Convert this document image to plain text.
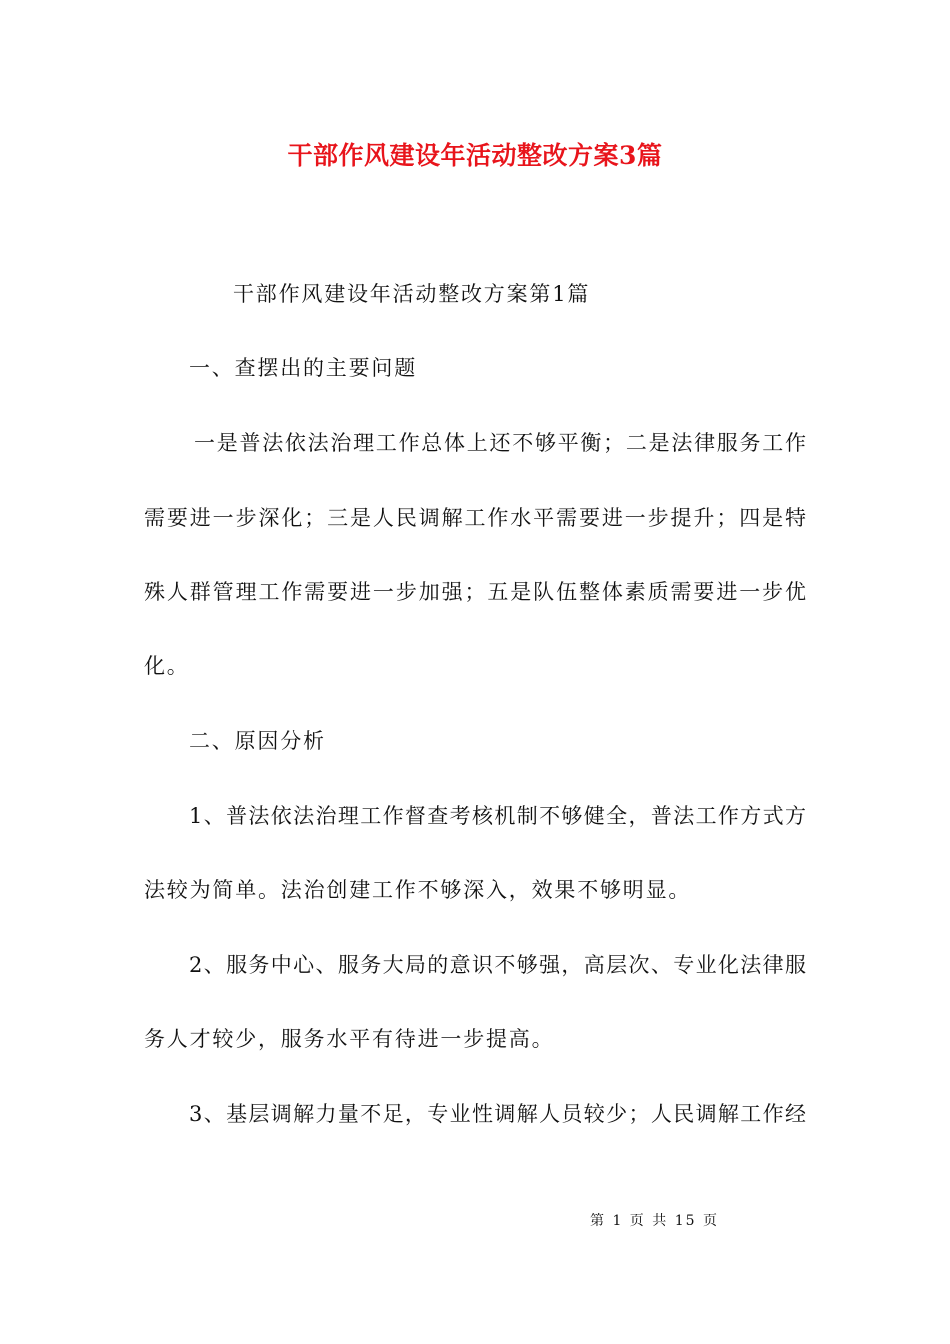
干部作风建设年活动整改方案3篇

干部作风建设年活动整改方案第1篇

一、查摆出的主要问题

一是普法依法治理工作总体上还不够平衡；二是法律服务工作

需要进一步深化；三是人民调解工作水平需要进一步提升；四是特

殊人群管理工作需要进一步加强；五是队伍整体素质需要进一步优

化。

二、原因分析

1、普法依法治理工作督查考核机制不够健全，普法工作方式方

法较为简单。法治创建工作不够深入，效果不够明显。

2、服务中心、服务大局的意识不够强，高层次、专业化法律服

务人才较少，服务水平有待进一步提高。

3、基层调解力量不足，专业性调解人员较少；人民调解工作经

第 1 页 共 15 页
